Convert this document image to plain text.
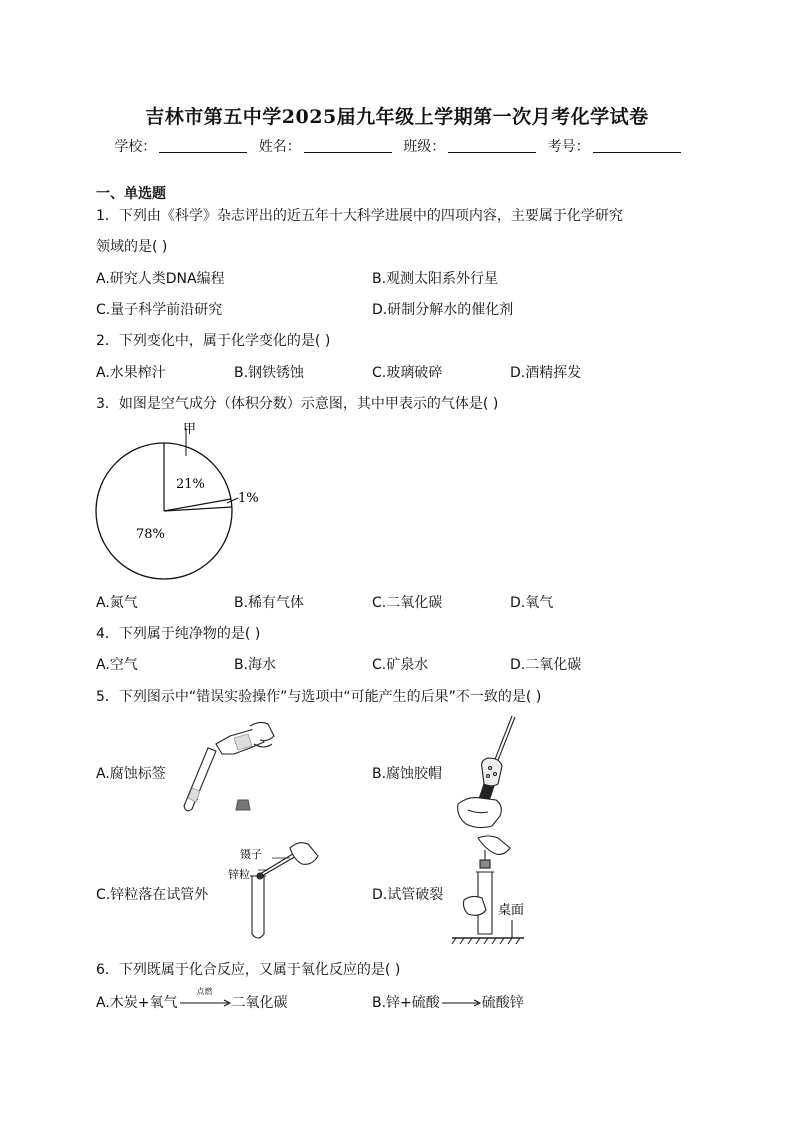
吉林市第五中学2025届九年级上学期第一次月考化学试卷
学校：	姓名：	班级：	考号：
一、单选题
1．下列由《科学》杂志评出的近五年十大科学进展中的四项内容，主要属于化学研究
领域的是( )
A.研究人类DNA编程	B.观测太阳系外行星
C.量子科学前沿研究	D.研制分解水的催化剂
2．下列变化中，属于化学变化的是( )
A.水果榨汁	B.钢铁锈蚀	C.玻璃破碎	D.酒精挥发
3．如图是空气成分（体积分数）示意图，其中甲表示的气体是( )
甲
21%
1%
78%
A.氮气	B.稀有气体	C.二氧化碳	D.氧气
4．下列属于纯净物的是( )
A.空气	B.海水	C.矿泉水	D.二氧化碳
5．下列图示中“错误实验操作”与选项中“可能产生的后果”不一致的是( )
镊子
锌粒
桌面
A.腐蚀标签	B.腐蚀胶帽
C.锌粒落在试管外	D.试管破裂
6．下列既属于化合反应，又属于氧化反应的是( )
A.木炭+氧气
点燃
二氧化碳	B.锌+硫酸	硫酸锌
